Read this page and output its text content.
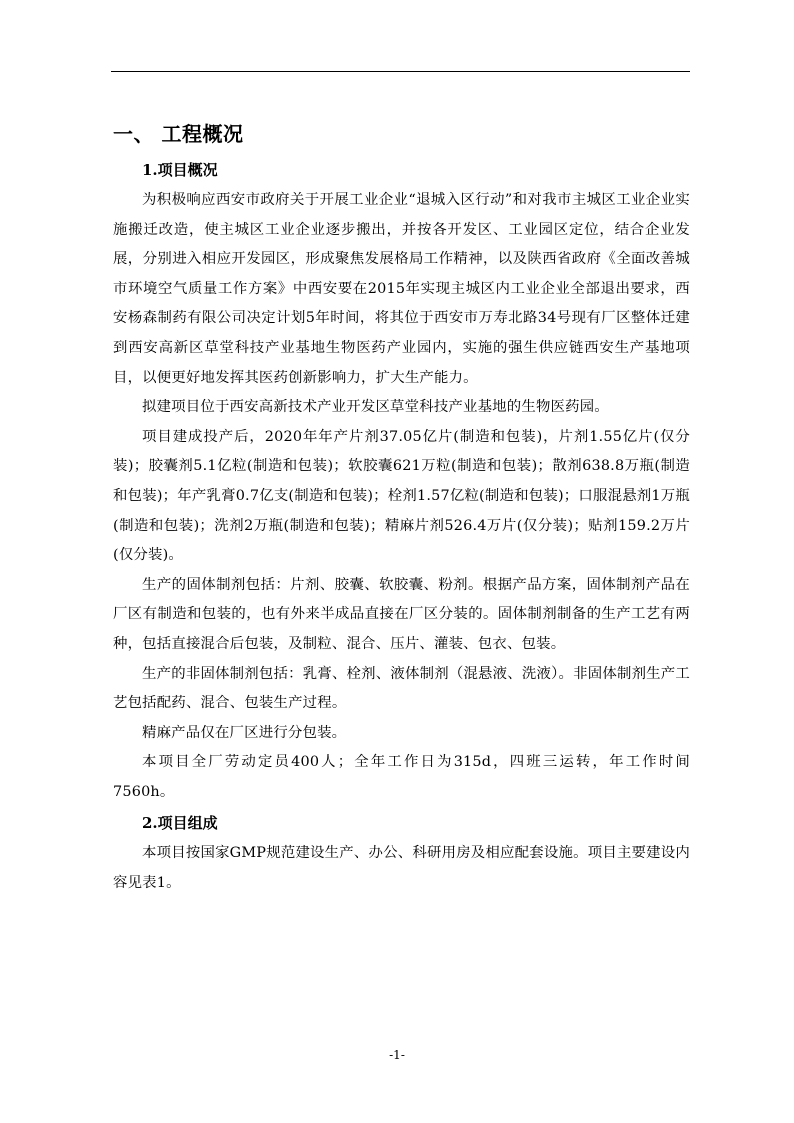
一、 工程概况
1.项目概况

为积极响应西安市政府关于开展工业企业“退城入区行动”和对我市主城区工业企业实施搬迁改造，使主城区工业企业逐步搬出，并按各开发区、工业园区定位，结合企业发展，分别进入相应开发园区，形成聚焦发展格局工作精神，以及陕西省政府《全面改善城市环境空气质量工作方案》中西安要在2015年实现主城区内工业企业全部退出要求，西安杨森制药有限公司决定计划5年时间，将其位于西安市万寿北路34号现有厂区整体迁建到西安高新区草堂科技产业基地生物医药产业园内，实施的强生供应链西安生产基地项目，以便更好地发挥其医药创新影响力，扩大生产能力。

拟建项目位于西安高新技术产业开发区草堂科技产业基地的生物医药园。

项目建成投产后，2020年年产片剂37.05亿片(制造和包装)，片剂1.55亿片(仅分装)；胶囊剂5.1亿粒(制造和包装)；软胶囊621万粒(制造和包装)；散剂638.8万瓶(制造和包装)；年产乳膏0.7亿支(制造和包装)；栓剂1.57亿粒(制造和包装)；口服混悬剂1万瓶(制造和包装)；洗剂2万瓶(制造和包装)；精麻片剂526.4万片(仅分装)；贴剂159.2万片(仅分装)。

生产的固体制剂包括：片剂、胶囊、软胶囊、粉剂。根据产品方案，固体制剂产品在厂区有制造和包装的，也有外来半成品直接在厂区分装的。固体制剂制备的生产工艺有两种，包括直接混合后包装，及制粒、混合、压片、灌装、包衣、包装。

生产的非固体制剂包括：乳膏、栓剂、液体制剂（混悬液、洗液）。非固体制剂生产工艺包括配药、混合、包装生产过程。

精麻产品仅在厂区进行分包装。

本项目全厂劳动定员400人；全年工作日为315d，四班三运转，年工作时间7560h。

2.项目组成

本项目按国家GMP规范建设生产、办公、科研用房及相应配套设施。项目主要建设内容见表1。

-1-
